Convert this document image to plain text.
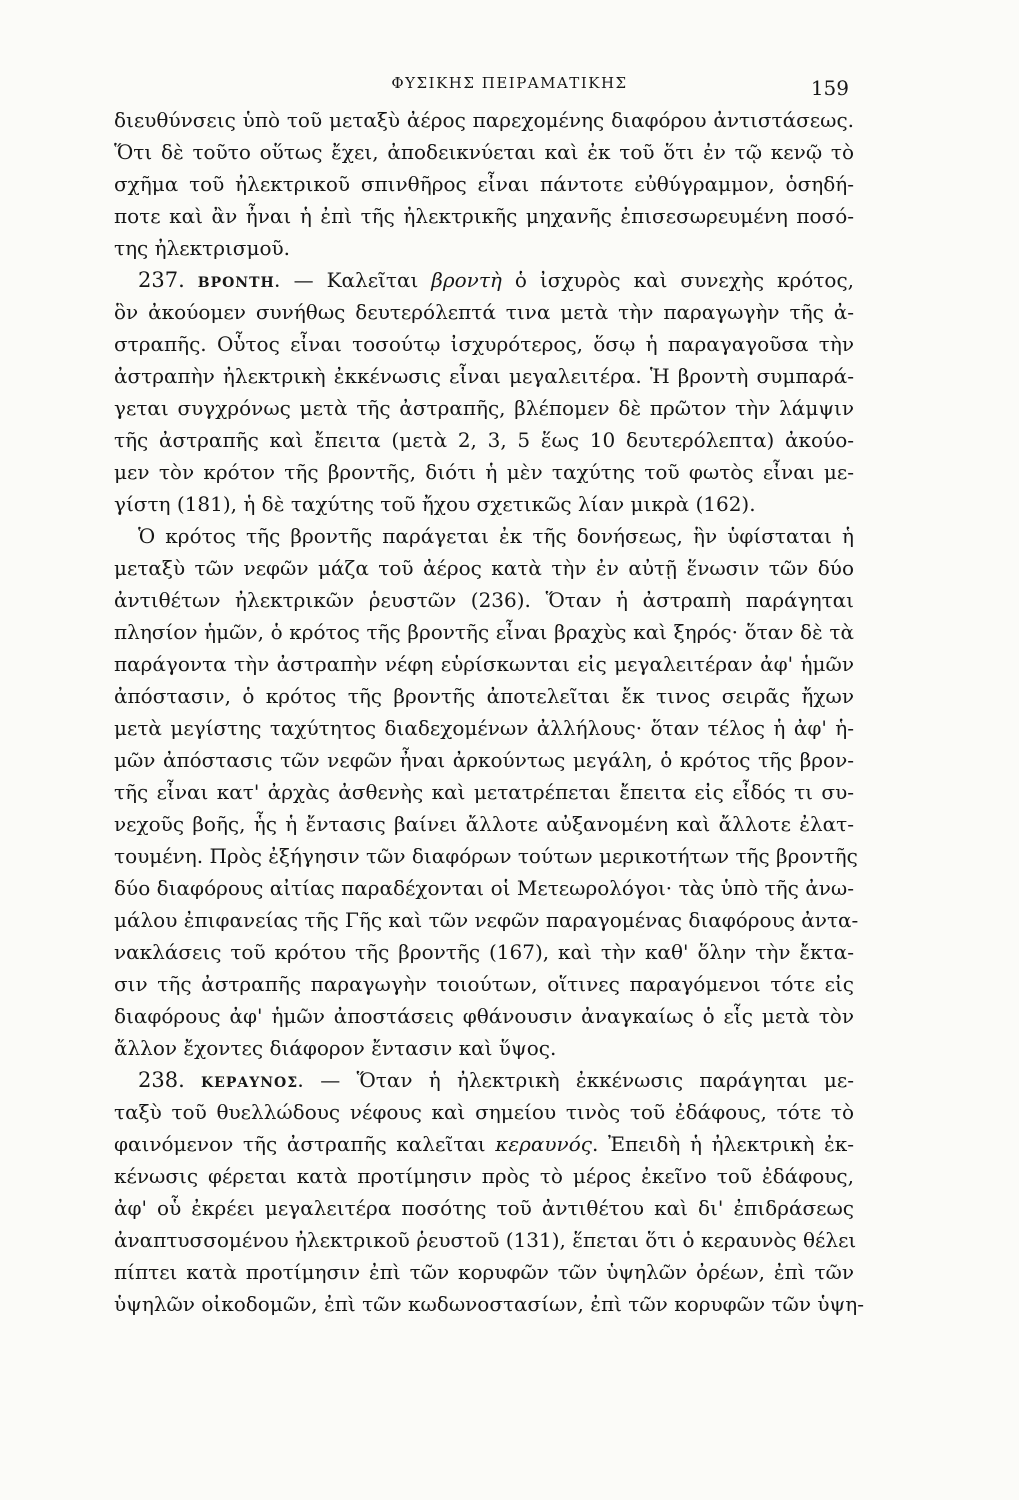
ΦΥΣΙΚΗΣ ΠΕΙΡΑΜΑΤΙΚΗΣ	159
διευθύνσεις ὑπὸ τοῦ μεταξὺ ἀέρος παρεχομένης διαφόρου ἀντιστάσεως.
Ὅτι δὲ τοῦτο οὕτως ἔχει, ἀποδεικνύεται καὶ ἐκ τοῦ ὅτι ἐν τῷ κενῷ τὸ
σχῆμα τοῦ ἠλεκτρικοῦ σπινθῆρος εἶναι πάντοτε εὐθύγραμμον, ὁσηδή-
ποτε καὶ ἂν ἦναι ἡ ἐπὶ τῆς ἠλεκτρικῆς μηχανῆς ἐπισεσωρευμένη ποσό-
της ἠλεκτρισμοῦ.
237. ΒΡΟΝΤΗ. — Καλεῖται βροντὴ ὁ ἰσχυρὸς καὶ συνεχὴς κρότος,
ὃν ἀκούομεν συνήθως δευτερόλεπτά τινα μετὰ τὴν παραγωγὴν τῆς ἀ-
στραπῆς. Οὗτος εἶναι τοσούτῳ ἰσχυρότερος, ὅσῳ ἡ παραγαγοῦσα τὴν
ἀστραπὴν ἠλεκτρικὴ ἐκκένωσις εἶναι μεγαλειτέρα. Ἡ βροντὴ συμπαρά-
γεται συγχρόνως μετὰ τῆς ἀστραπῆς, βλέπομεν δὲ πρῶτον τὴν λάμψιν
τῆς ἀστραπῆς καὶ ἔπειτα (μετὰ 2, 3, 5 ἕως 10 δευτερόλεπτα) ἀκούο-
μεν τὸν κρότον τῆς βροντῆς, διότι ἡ μὲν ταχύτης τοῦ φωτὸς εἶναι με-
γίστη (181), ἡ δὲ ταχύτης τοῦ ἤχου σχετικῶς λίαν μικρὰ (162).
Ὁ κρότος τῆς βροντῆς παράγεται ἐκ τῆς δονήσεως, ἣν ὑφίσταται ἡ
μεταξὺ τῶν νεφῶν μάζα τοῦ ἀέρος κατὰ τὴν ἐν αὐτῇ ἕνωσιν τῶν δύο
ἀντιθέτων ἠλεκτρικῶν ῥευστῶν (236). Ὅταν ἡ ἀστραπὴ παράγηται
πλησίον ἡμῶν, ὁ κρότος τῆς βροντῆς εἶναι βραχὺς καὶ ξηρός· ὅταν δὲ τὰ
παράγοντα τὴν ἀστραπὴν νέφη εὑρίσκωνται εἰς μεγαλειτέραν ἀφ' ἡμῶν
ἀπόστασιν, ὁ κρότος τῆς βροντῆς ἀποτελεῖται ἔκ τινος σειρᾶς ἤχων
μετὰ μεγίστης ταχύτητος διαδεχομένων ἀλλήλους· ὅταν τέλος ἡ ἀφ' ἡ-
μῶν ἀπόστασις τῶν νεφῶν ἦναι ἀρκούντως μεγάλη, ὁ κρότος τῆς βρον-
τῆς εἶναι κατ' ἀρχὰς ἀσθενὴς καὶ μετατρέπεται ἔπειτα εἰς εἶδός τι συ-
νεχοῦς βοῆς, ἧς ἡ ἔντασις βαίνει ἄλλοτε αὐξανομένη καὶ ἄλλοτε ἐλατ-
τουμένη. Πρὸς ἐξήγησιν τῶν διαφόρων τούτων μερικοτήτων τῆς βροντῆς
δύο διαφόρους αἰτίας παραδέχονται οἱ Μετεωρολόγοι· τὰς ὑπὸ τῆς ἀνω-
μάλου ἐπιφανείας τῆς Γῆς καὶ τῶν νεφῶν παραγομένας διαφόρους ἀντα-
νακλάσεις τοῦ κρότου τῆς βροντῆς (167), καὶ τὴν καθ' ὅλην τὴν ἔκτα-
σιν τῆς ἀστραπῆς παραγωγὴν τοιούτων, οἵτινες παραγόμενοι τότε εἰς
διαφόρους ἀφ' ἡμῶν ἀποστάσεις φθάνουσιν ἀναγκαίως ὁ εἷς μετὰ τὸν
ἄλλον ἔχοντες διάφορον ἔντασιν καὶ ὕψος.
238. ΚΕΡΑΥΝΟΣ. — Ὅταν ἡ ἠλεκτρικὴ ἐκκένωσις παράγηται με-
ταξὺ τοῦ θυελλώδους νέφους καὶ σημείου τινὸς τοῦ ἐδάφους, τότε τὸ
φαινόμενον τῆς ἀστραπῆς καλεῖται κεραυνός. Ἐπειδὴ ἡ ἠλεκτρικὴ ἐκ-
κένωσις φέρεται κατὰ προτίμησιν πρὸς τὸ μέρος ἐκεῖνο τοῦ ἐδάφους,
ἀφ' οὗ ἐκρέει μεγαλειτέρα ποσότης τοῦ ἀντιθέτου καὶ δι' ἐπιδράσεως
ἀναπτυσσομένου ἠλεκτρικοῦ ῥευστοῦ (131), ἕπεται ὅτι ὁ κεραυνὸς θέλει
πίπτει κατὰ προτίμησιν ἐπὶ τῶν κορυφῶν τῶν ὑψηλῶν ὀρέων, ἐπὶ τῶν
ὑψηλῶν οἰκοδομῶν, ἐπὶ τῶν κωδωνοστασίων, ἐπὶ τῶν κορυφῶν τῶν ὑψη-
